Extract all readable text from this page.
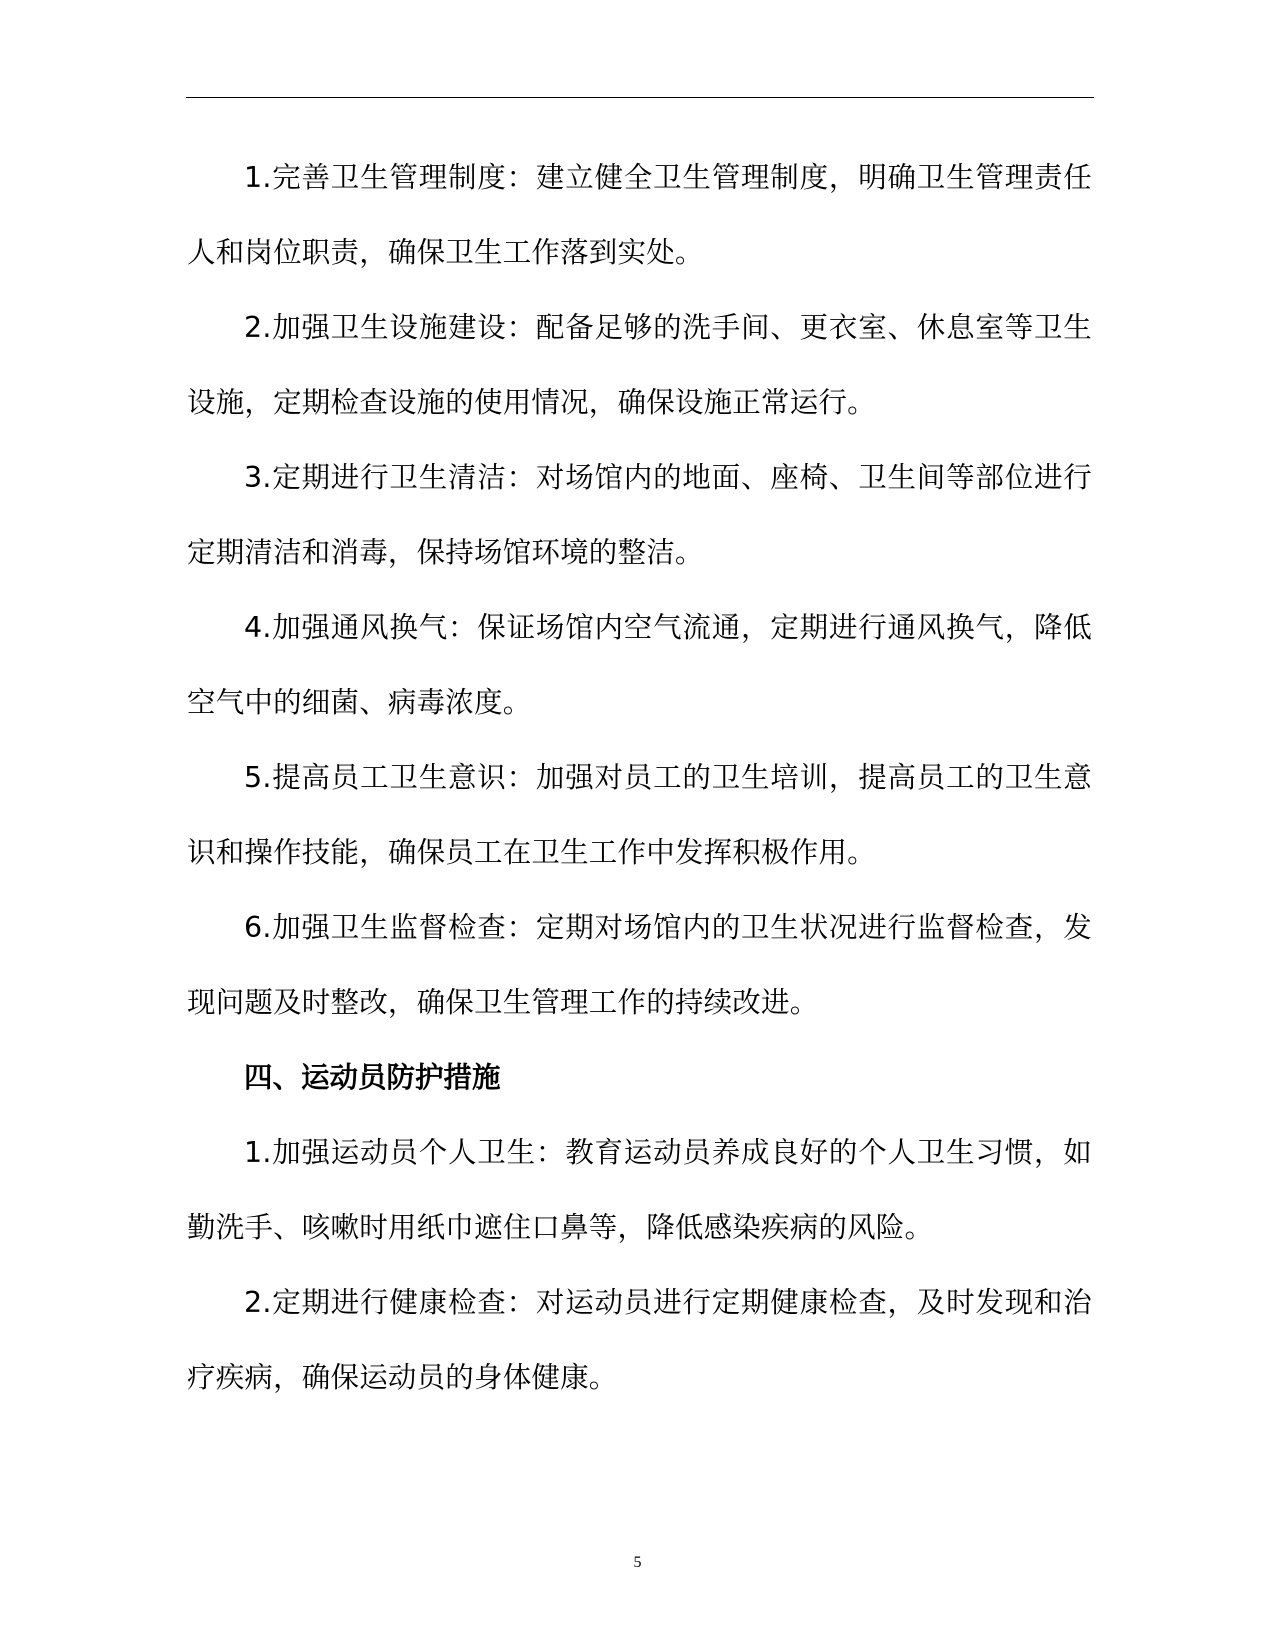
1.完善卫生管理制度：建立健全卫生管理制度，明确卫生管理责任人和岗位职责，确保卫生工作落到实处。

2.加强卫生设施建设：配备足够的洗手间、更衣室、休息室等卫生设施，定期检查设施的使用情况，确保设施正常运行。

3.定期进行卫生清洁：对场馆内的地面、座椅、卫生间等部位进行定期清洁和消毒，保持场馆环境的整洁。

4.加强通风换气：保证场馆内空气流通，定期进行通风换气，降低空气中的细菌、病毒浓度。

5.提高员工卫生意识：加强对员工的卫生培训，提高员工的卫生意识和操作技能，确保员工在卫生工作中发挥积极作用。

6.加强卫生监督检查：定期对场馆内的卫生状况进行监督检查，发现问题及时整改，确保卫生管理工作的持续改进。

四、运动员防护措施

1.加强运动员个人卫生：教育运动员养成良好的个人卫生习惯，如勤洗手、咳嗽时用纸巾遮住口鼻等，降低感染疾病的风险。

2.定期进行健康检查：对运动员进行定期健康检查，及时发现和治疗疾病，确保运动员的身体健康。

5
